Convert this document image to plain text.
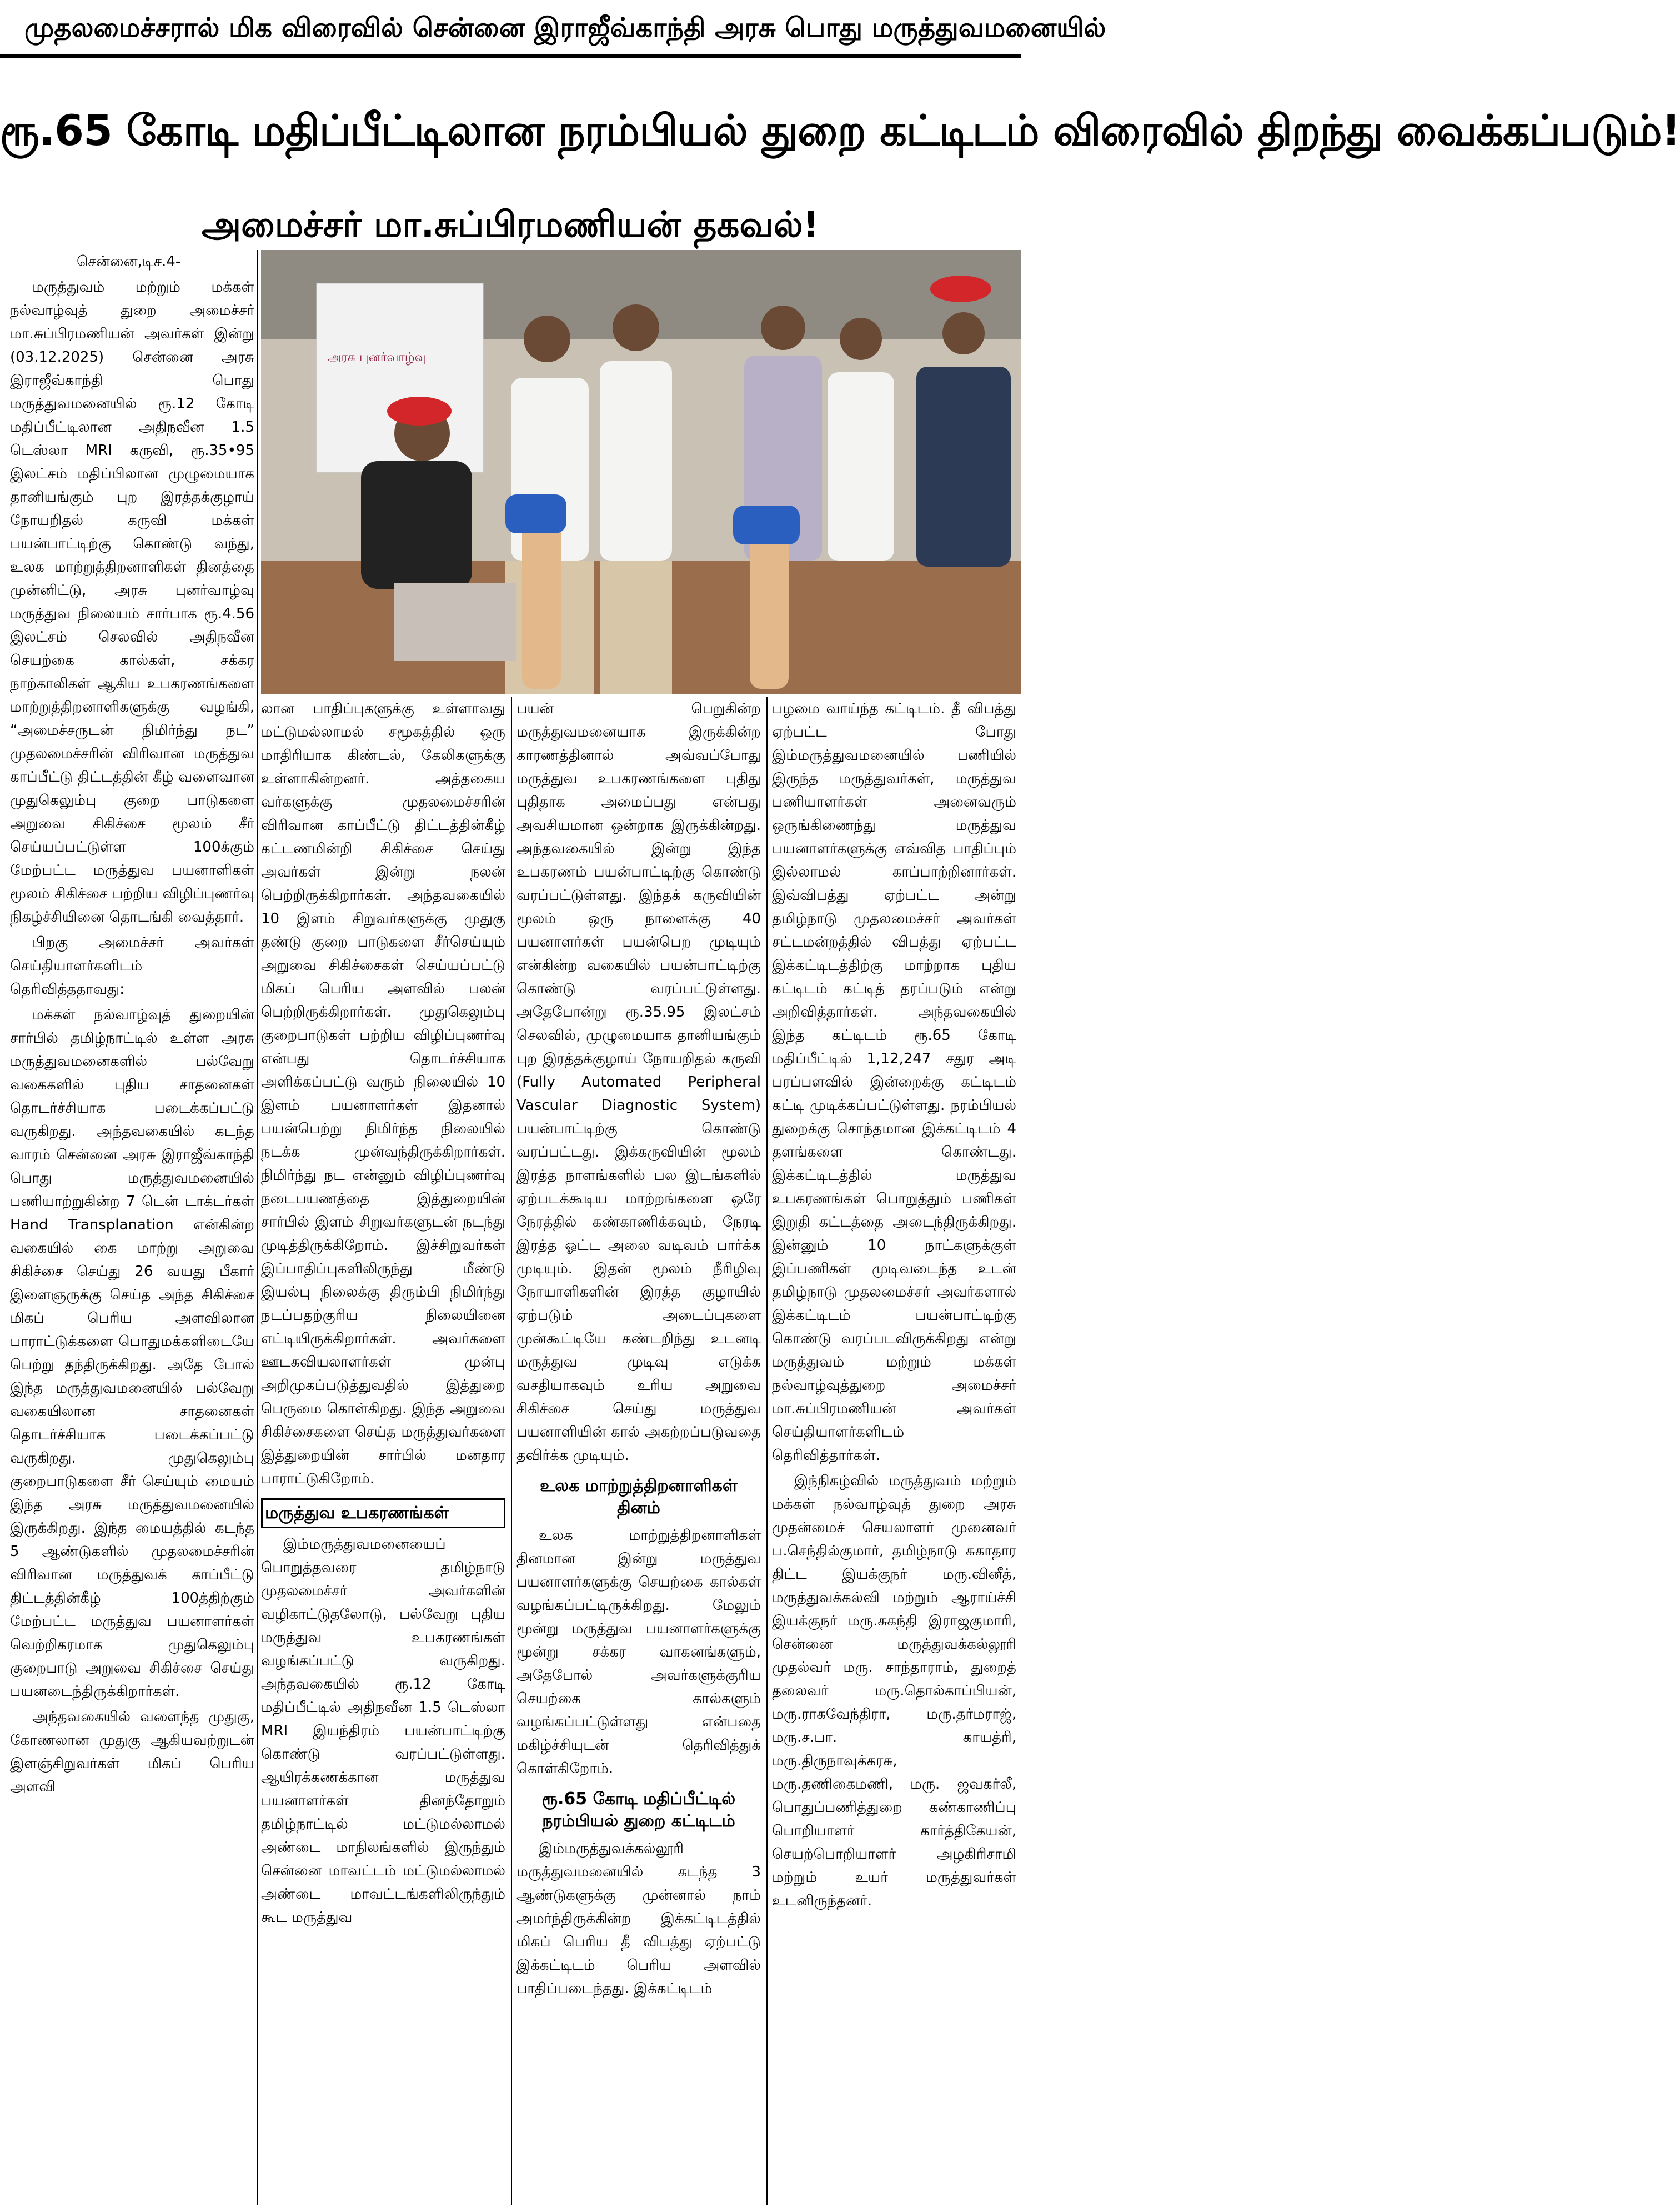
முதலமைச்சரால் மிக விரைவில் சென்னை இராஜீவ்காந்தி அரசு பொது மருத்துவமனையில்
ரூ.65 கோடி மதிப்பீட்டிலான நரம்பியல் துறை கட்டிடம் விரைவில் திறந்து வைக்கப்படும்!
அமைச்சர் மா.சுப்பிரமணியன் தகவல்!
அரசு புனர்வாழ்வு

சென்னை,டிச.4-

மருத்துவம் மற்றும் மக்கள் நல்வாழ்வுத் துறை அமைச்சர் மா.சுப்பிரமணியன் அவர்கள் இன்று (03.12.2025) சென்னை அரசு இராஜீவ்காந்தி பொது மருத்துவமனையில் ரூ.12 கோடி மதிப்பீட்டிலான அதிநவீன 1.5 டெஸ்லா MRI கருவி, ரூ.35•95 இலட்சம் மதிப்பிலான முழுமையாக தானியங்கும் புற இரத்தக்குழாய் நோயறிதல் கருவி மக்கள் பயன்பாட்டிற்கு கொண்டு வந்து, உலக மாற்றுத்திறனாளிகள் தினத்தை முன்னிட்டு, அரசு புனர்வாழ்வு மருத்துவ நிலையம் சார்பாக ரூ.4.56 இலட்சம் செலவில் அதிநவீன செயற்கை கால்கள், சக்கர நாற்காலிகள் ஆகிய உபகரணங்களை மாற்றுத்திறனாளிகளுக்கு வழங்கி, “அமைச்சருடன் நிமிர்ந்து நட” முதலமைச்சரின் விரிவான மருத்துவ காப்பீட்டு திட்டத்தின் கீழ் வளைவான முதுகெலும்பு குறை பாடுகளை அறுவை சிகிச்சை மூலம் சீர் செய்யப்பட்டுள்ள 100க்கும் மேற்பட்ட மருத்துவ பயனாளிகள் மூலம் சிகிச்சை பற்றிய விழிப்புணர்வு நிகழ்ச்சியினை தொடங்கி வைத்தார்.

பிறகு அமைச்சர் அவர்கள் செய்தியாளர்களிடம் தெரிவித்ததாவது:

மக்கள் நல்வாழ்வுத் துறையின் சார்பில் தமிழ்நாட்டில் உள்ள அரசு மருத்துவமனைகளில் பல்வேறு வகைகளில் புதிய சாதனைகள் தொடர்ச்சியாக படைக்கப்பட்டு வருகிறது. அந்தவகையில் கடந்த வாரம் சென்னை அரசு இராஜீவ்காந்தி பொது மருத்துவமனையில் பணியாற்றுகின்ற 7 டென் டாக்டர்கள் Hand Transplanation என்கின்ற வகையில் கை மாற்று அறுவை சிகிச்சை செய்து 26 வயது பீகார் இளைஞருக்கு செய்த அந்த சிகிச்சை மிகப் பெரிய அளவிலான பாராட்டுக்களை பொதுமக்களிடையே பெற்று தந்திருக்கிறது. அதே போல் இந்த மருத்துவமனையில் பல்வேறு வகையிலான சாதனைகள் தொடர்ச்சியாக படைக்கப்பட்டு வருகிறது. முதுகெலும்பு குறைபாடுகளை சீர் செய்யும் மையம் இந்த அரசு மருத்துவமனையில் இருக்கிறது. இந்த மையத்தில் கடந்த 5 ஆண்டுகளில் முதலமைச்சரின் விரிவான மருத்துவக் காப்பீட்டு திட்டத்தின்கீழ் 100த்திற்கும் மேற்பட்ட மருத்துவ பயனாளர்கள் வெற்றிகரமாக முதுகெலும்பு குறைபாடு அறுவை சிகிச்சை செய்து பயனடைந்திருக்கிறார்கள்.

அந்தவகையில் வளைந்த முதுகு, கோணலான முதுகு ஆகியவற்றுடன் இளஞ்சிறுவர்கள் மிகப் பெரிய அளவி

லான பாதிப்புகளுக்கு உள்ளாவது மட்டுமல்லாமல் சமூகத்தில் ஒரு மாதிரியாக கிண்டல், கேலிகளுக்கு உள்ளாகின்றனர். அத்தகைய வர்களுக்கு முதலமைச்சரின் விரிவான காப்பீட்டு திட்டத்தின்கீழ் கட்டணமின்றி சிகிச்சை செய்து அவர்கள் இன்று நலன் பெற்றிருக்கிறார்கள். அந்தவகையில் 10 இளம் சிறுவர்களுக்கு முதுகு தண்டு குறை பாடுகளை சீர்செய்யும் அறுவை சிகிச்சைகள் செய்யப்பட்டு மிகப் பெரிய அளவில் பலன் பெற்றிருக்கிறார்கள். முதுகெலும்பு குறைபாடுகள் பற்றிய விழிப்புணர்வு என்பது தொடர்ச்சியாக அளிக்கப்பட்டு வரும் நிலையில் 10 இளம் பயனாளர்கள் இதனால் பயன்பெற்று நிமிர்ந்த நிலையில் நடக்க முன்வந்திருக்கிறார்கள். நிமிர்ந்து நட என்னும் விழிப்புணர்வு நடைபயணத்தை இத்துறையின் சார்பில் இளம் சிறுவர்களுடன் நடந்து முடித்திருக்கிறோம். இச்சிறுவர்கள் இப்பாதிப்புகளிலிருந்து மீண்டு இயல்பு நிலைக்கு திரும்பி நிமிர்ந்து நடப்பதற்குரிய நிலையினை எட்டியிருக்கிறார்கள். அவர்களை ஊடகவியலாளர்கள் முன்பு அறிமுகப்படுத்துவதில் இத்துறை பெருமை கொள்கிறது. இந்த அறுவை சிகிச்சைகளை செய்த மருத்துவர்களை இத்துறையின் சார்பில் மனதார பாராட்டுகிறோம்.

மருத்துவ உபகரணங்கள்

இம்மருத்துவமனையைப் பொறுத்தவரை தமிழ்நாடு முதலமைச்சர் அவர்களின் வழிகாட்டுதலோடு, பல்வேறு புதிய மருத்துவ உபகரணங்கள் வழங்கப்பட்டு வருகிறது. அந்தவகையில் ரூ.12 கோடி மதிப்பீட்டில் அதிநவீன 1.5 டெஸ்லா MRI இயந்திரம் பயன்பாட்டிற்கு கொண்டு வரப்பட்டுள்ளது. ஆயிரக்கணக்கான மருத்துவ பயனாளர்கள் தினந்தோறும் தமிழ்நாட்டில் மட்டுமல்லாமல் அண்டை மாநிலங்களில் இருந்தும் சென்னை மாவட்டம் மட்டுமல்லாமல் அண்டை மாவட்டங்களிலிருந்தும் கூட மருத்துவ

பயன் பெறுகின்ற மருத்துவமனையாக இருக்கின்ற காரணத்தினால் அவ்வப்போது மருத்துவ உபகரணங்களை புதிது புதிதாக அமைப்பது என்பது அவசியமான ஒன்றாக இருக்கின்றது. அந்தவகையில் இன்று இந்த உபகரணம் பயன்பாட்டிற்கு கொண்டு வரப்பட்டுள்ளது. இந்தக் கருவியின் மூலம் ஒரு நாளைக்கு 40 பயனாளர்கள் பயன்பெற முடியும் என்கின்ற வகையில் பயன்பாட்டிற்கு கொண்டு வரப்பட்டுள்ளது. அதேபோன்று ரூ.35.95 இலட்சம் செலவில், முழுமையாக தானியங்கும் புற இரத்தக்குழாய் நோயறிதல் கருவி (Fully Automated Peripheral Vascular Diagnostic System) பயன்பாட்டிற்கு கொண்டு வரப்பட்டது. இக்கருவியின் மூலம் இரத்த நாளங்களில் பல இடங்களில் ஏற்படக்கூடிய மாற்றங்களை ஒரே நேரத்தில் கண்காணிக்கவும், நேரடி இரத்த ஓட்ட அலை வடிவம் பார்க்க முடியும். இதன் மூலம் நீரிழிவு நோயாளிகளின் இரத்த குழாயில் ஏற்படும் அடைப்புகளை முன்கூட்டியே கண்டறிந்து உடனடி மருத்துவ முடிவு எடுக்க வசதியாகவும் உரிய அறுவை சிகிச்சை செய்து மருத்துவ பயனாளியின் கால் அகற்றப்படுவதை தவிர்க்க முடியும்.

உலக மாற்றுத்திறனாளிகள் தினம்

உலக மாற்றுத்திறனாளிகள் தினமான இன்று மருத்துவ பயனாளர்களுக்கு செயற்கை கால்கள் வழங்கப்பட்டிருக்கிறது. மேலும் மூன்று மருத்துவ பயனாளர்களுக்கு மூன்று சக்கர வாகனங்களும், அதேபோல் அவர்களுக்குரிய செயற்கை கால்களும் வழங்கப்பட்டுள்ளது என்பதை மகிழ்ச்சியுடன் தெரிவித்துக் கொள்கிறோம்.

ரூ.65 கோடி மதிப்பீட்டில் நரம்பியல் துறை கட்டிடம்

இம்மருத்துவக்கல்லூரி மருத்துவமனையில் கடந்த 3 ஆண்டுகளுக்கு முன்னால் நாம் அமர்ந்திருக்கின்ற இக்கட்டிடத்தில் மிகப் பெரிய தீ விபத்து ஏற்பட்டு இக்கட்டிடம் பெரிய அளவில் பாதிப்படைந்தது. இக்கட்டிடம்

பழமை வாய்ந்த கட்டிடம். தீ விபத்து ஏற்பட்ட போது இம்மருத்துவமனையில் பணியில் இருந்த மருத்துவர்கள், மருத்துவ பணியாளர்கள் அனைவரும் ஒருங்கிணைந்து மருத்துவ பயனாளர்களுக்கு எவ்வித பாதிப்பும் இல்லாமல் காப்பாற்றினார்கள். இவ்விபத்து ஏற்பட்ட அன்று தமிழ்நாடு முதலமைச்சர் அவர்கள் சட்டமன்றத்தில் விபத்து ஏற்பட்ட இக்கட்டிடத்திற்கு மாற்றாக புதிய கட்டிடம் கட்டித் தரப்படும் என்று அறிவித்தார்கள். அந்தவகையில் இந்த கட்டிடம் ரூ.65 கோடி மதிப்பீட்டில் 1,12,247 சதுர அடி பரப்பளவில் இன்றைக்கு கட்டிடம் கட்டி முடிக்கப்பட்டுள்ளது. நரம்பியல் துறைக்கு சொந்தமான இக்கட்டிடம் 4 தளங்களை கொண்டது. இக்கட்டிடத்தில் மருத்துவ உபகரணங்கள் பொறுத்தும் பணிகள் இறுதி கட்டத்தை அடைந்திருக்கிறது. இன்னும் 10 நாட்களுக்குள் இப்பணிகள் முடிவடைந்த உடன் தமிழ்நாடு முதலமைச்சர் அவர்களால் இக்கட்டிடம் பயன்பாட்டிற்கு கொண்டு வரப்படவிருக்கிறது என்று மருத்துவம் மற்றும் மக்கள் நல்வாழ்வுத்துறை அமைச்சர் மா.சுப்பிரமணியன் அவர்கள் செய்தியாளர்களிடம் தெரிவித்தார்கள்.

இந்நிகழ்வில் மருத்துவம் மற்றும் மக்கள் நல்வாழ்வுத் துறை அரசு முதன்மைச் செயலாளர் முனைவர் ப.செந்தில்குமார், தமிழ்நாடு சுகாதார திட்ட இயக்குநர் மரு.வினீத், மருத்துவக்கல்வி மற்றும் ஆராய்ச்சி இயக்குநர் மரு.சுகந்தி இராஜகுமாரி, சென்னை மருத்துவக்கல்லூரி முதல்வர் மரு. சாந்தாராம், துறைத் தலைவர் மரு.தொல்காப்பியன், மரு.ராகவேந்திரா, மரு.தர்மராஜ், மரு.ச.பா. காயத்ரி, மரு.திருநாவுக்கரசு, மரு.தணிகைமணி, மரு. ஜவகர்லீ, பொதுப்பணித்துறை கண்காணிப்பு பொறியாளர் கார்த்திகேயன், செயற்பொறியாளர் அழகிரிசாமி மற்றும் உயர் மருத்துவர்கள் உடனிருந்தனர்.
